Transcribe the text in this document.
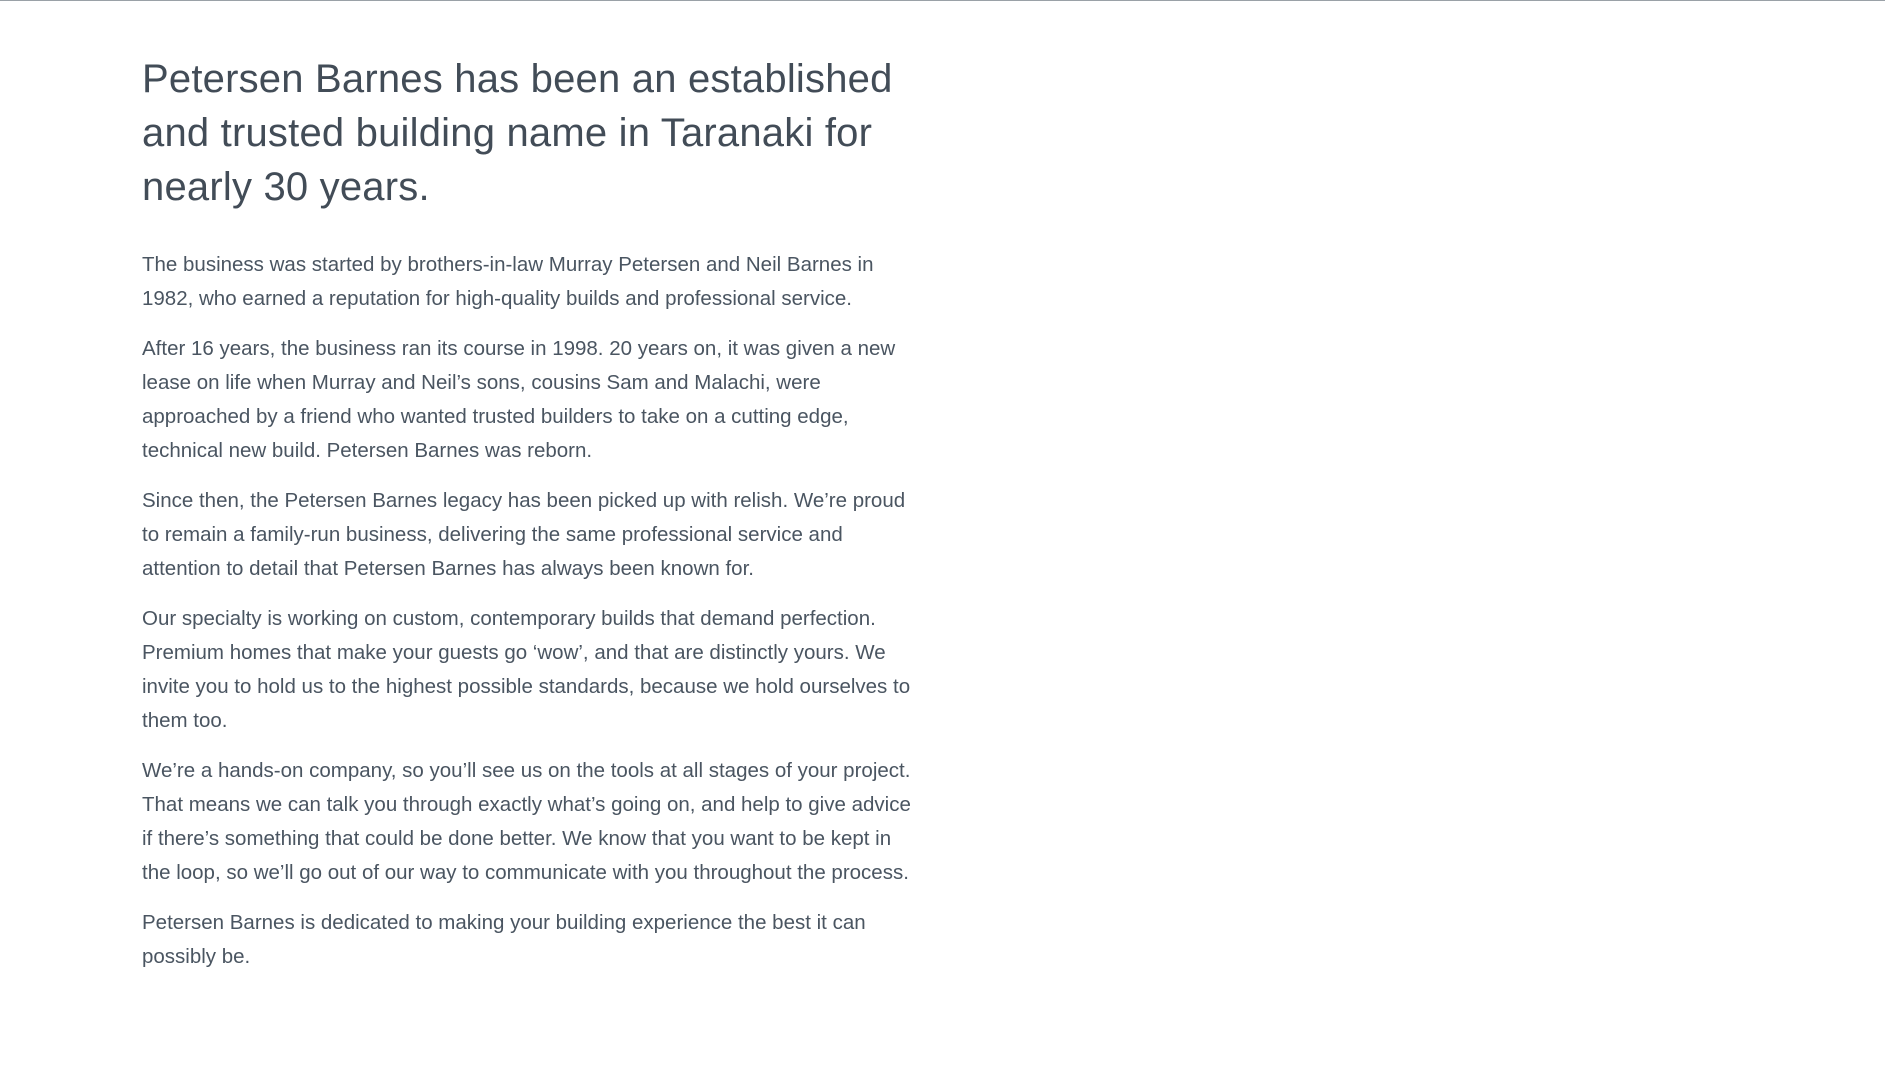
Petersen Barnes has been an established and trusted building name in Taranaki for nearly 30 years.

The business was started by brothers-in-law Murray Petersen and Neil Barnes in 1982, who earned a reputation for high-quality builds and professional service.

After 16 years, the business ran its course in 1998. 20 years on, it was given a new lease on life when Murray and Neil’s sons, cousins Sam and Malachi, were approached by a friend who wanted trusted builders to take on a cutting edge, technical new build. Petersen Barnes was reborn.

Since then, the Petersen Barnes legacy has been picked up with relish. We’re proud to remain a family-run business, delivering the same professional service and attention to detail that Petersen Barnes has always been known for.

Our specialty is working on custom, contemporary builds that demand perfection. Premium homes that make your guests go ‘wow’, and that are distinctly yours. We invite you to hold us to the highest possible standards, because we hold ourselves to them too.

We’re a hands-on company, so you’ll see us on the tools at all stages of your project. That means we can talk you through exactly what’s going on, and help to give advice if there’s something that could be done better. We know that you want to be kept in the loop, so we’ll go out of our way to communicate with you throughout the process.

Petersen Barnes is dedicated to making your building experience the best it can possibly be.
